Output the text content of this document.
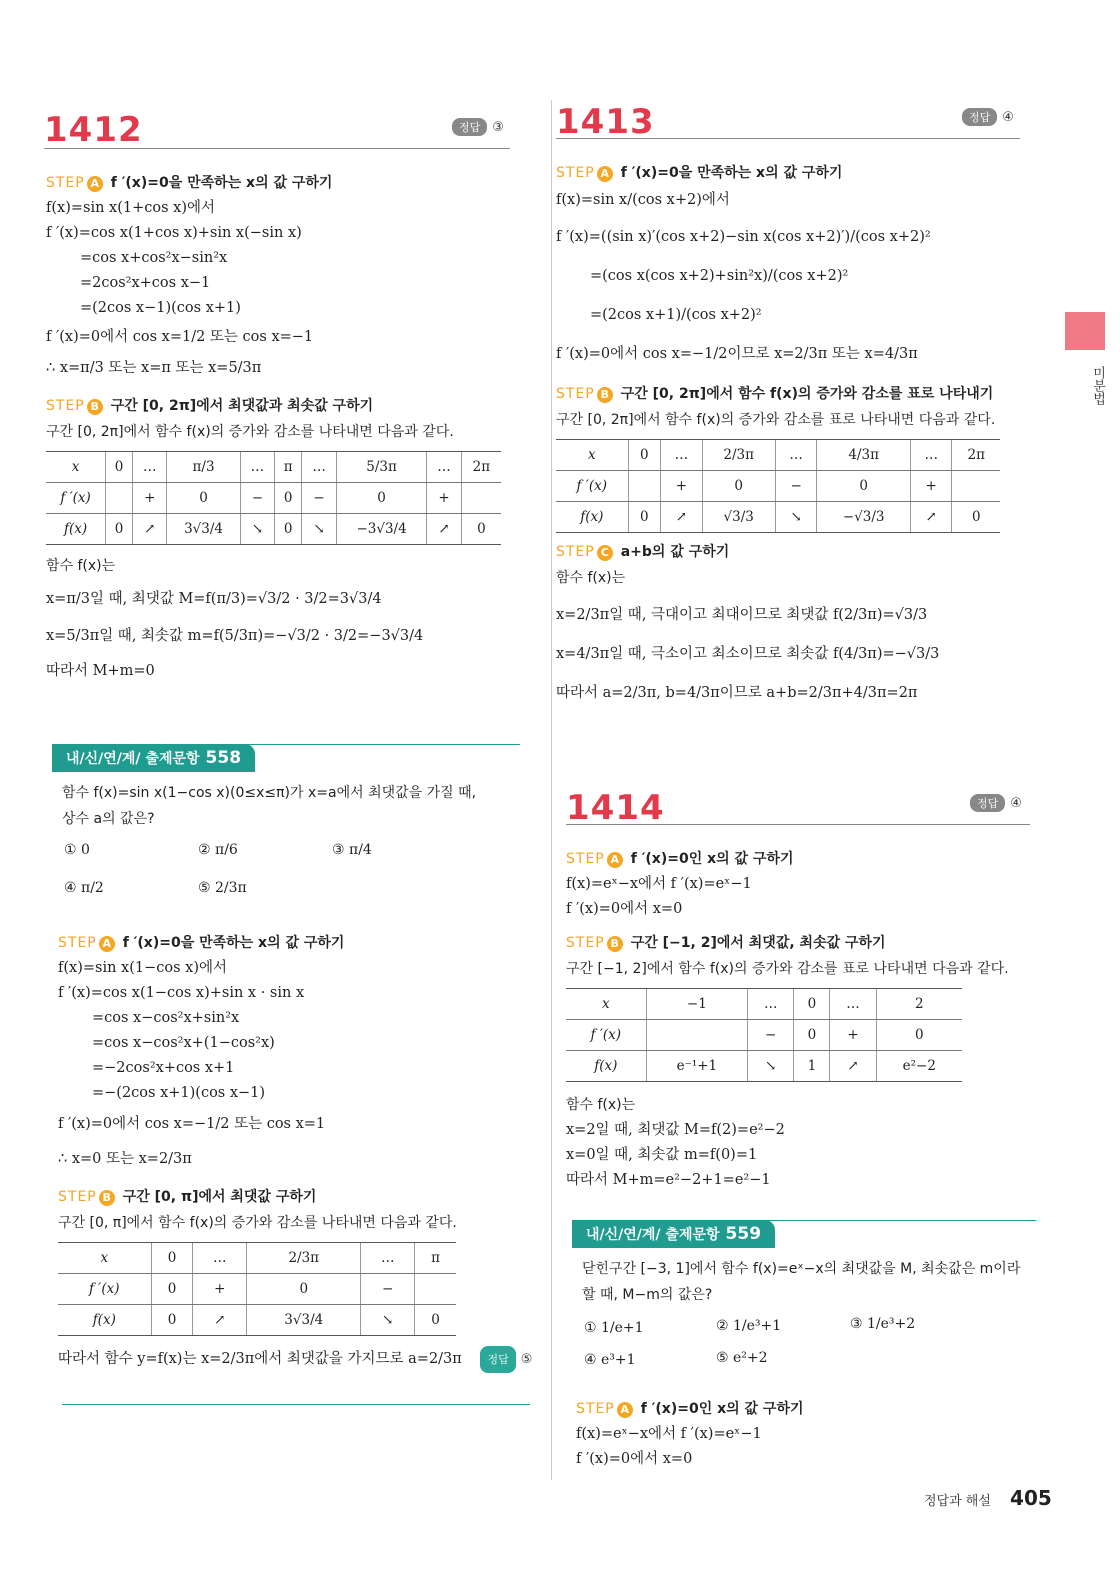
미분법
1412	정답 ③
STEP A f ′(x)=0을 만족하는 x의 값 구하기
f(x)=sin x(1+cos x)에서
f ′(x)=cos x(1+cos x)+sin x(−sin x)
=cos x+cos²x−sin²x
=2cos²x+cos x−1
=(2cos x−1)(cos x+1)
f ′(x)=0에서 cos x=1/2 또는 cos x=−1
∴ x=π/3 또는 x=π 또는 x=5/3π
STEP B 구간 [0, 2π]에서 최댓값과 최솟값 구하기
구간 [0, 2π]에서 함수 f(x)의 증가와 감소를 나타내면 다음과 같다.
x	0	…	π/3	…	π	…	5/3π	…	2π
f ′(x)		+	0	−	0	−	0	+	
f(x)	0	↗	3√3/4	↘	0	↘	−3√3/4	↗	0
함수 f(x)는
x=π/3일 때, 최댓값 M=f(π/3)=√3/2 · 3/2=3√3/4
x=5/3π일 때, 최솟값 m=f(5/3π)=−√3/2 · 3/2=−3√3/4
따라서 M+m=0
내/신/연/계/ 출제문항 558
함수 f(x)=sin x(1−cos x)(0≤x≤π)가 x=a에서 최댓값을 가질 때,
상수 a의 값은?
① 0	② π/6	③ π/4
④ π/2	⑤ 2/3π
STEP A f ′(x)=0을 만족하는 x의 값 구하기
f(x)=sin x(1−cos x)에서
f ′(x)=cos x(1−cos x)+sin x · sin x
=cos x−cos²x+sin²x
=cos x−cos²x+(1−cos²x)
=−2cos²x+cos x+1
=−(2cos x+1)(cos x−1)
f ′(x)=0에서 cos x=−1/2 또는 cos x=1
∴ x=0 또는 x=2/3π
STEP B 구간 [0, π]에서 최댓값 구하기
구간 [0, π]에서 함수 f(x)의 증가와 감소를 나타내면 다음과 같다.
x	0	…	2/3π	…	π
f ′(x)	0	+	0	−	
f(x)	0	↗	3√3/4	↘	0
따라서 함수 y=f(x)는 x=2/3π에서 최댓값을 가지므로 a=2/3π 정답 ⑤
1413	정답 ④
STEP A f ′(x)=0을 만족하는 x의 값 구하기
f(x)=sin x/(cos x+2)에서
f ′(x)=((sin x)′(cos x+2)−sin x(cos x+2)′)/(cos x+2)²
=(cos x(cos x+2)+sin²x)/(cos x+2)²
=(2cos x+1)/(cos x+2)²
f ′(x)=0에서 cos x=−1/2이므로 x=2/3π 또는 x=4/3π
STEP B 구간 [0, 2π]에서 함수 f(x)의 증가와 감소를 표로 나타내기
구간 [0, 2π]에서 함수 f(x)의 증가와 감소를 표로 나타내면 다음과 같다.
x	0	…	2/3π	…	4/3π	…	2π
f ′(x)		+	0	−	0	+	
f(x)	0	↗	√3/3	↘	−√3/3	↗	0
STEP C a+b의 값 구하기
함수 f(x)는
x=2/3π일 때, 극대이고 최대이므로 최댓값 f(2/3π)=√3/3
x=4/3π일 때, 극소이고 최소이므로 최솟값 f(4/3π)=−√3/3
따라서 a=2/3π, b=4/3π이므로 a+b=2/3π+4/3π=2π
1414	정답 ④
STEP A f ′(x)=0인 x의 값 구하기
f(x)=eˣ−x에서 f ′(x)=eˣ−1
f ′(x)=0에서 x=0
STEP B 구간 [−1, 2]에서 최댓값, 최솟값 구하기
구간 [−1, 2]에서 함수 f(x)의 증가와 감소를 표로 나타내면 다음과 같다.
x	−1	…	0	…	2
f ′(x)		−	0	+	0
f(x)	e⁻¹+1	↘	1	↗	e²−2
함수 f(x)는
x=2일 때, 최댓값 M=f(2)=e²−2
x=0일 때, 최솟값 m=f(0)=1
따라서 M+m=e²−2+1=e²−1
내/신/연/계/ 출제문항 559
닫힌구간 [−3, 1]에서 함수 f(x)=eˣ−x의 최댓값을 M, 최솟값은 m이라
할 때, M−m의 값은?
① 1/e+1	② 1/e³+1	③ 1/e³+2
④ e³+1	⑤ e²+2
STEP A f ′(x)=0인 x의 값 구하기
f(x)=eˣ−x에서 f ′(x)=eˣ−1
f ′(x)=0에서 x=0
정답과 해설 405
